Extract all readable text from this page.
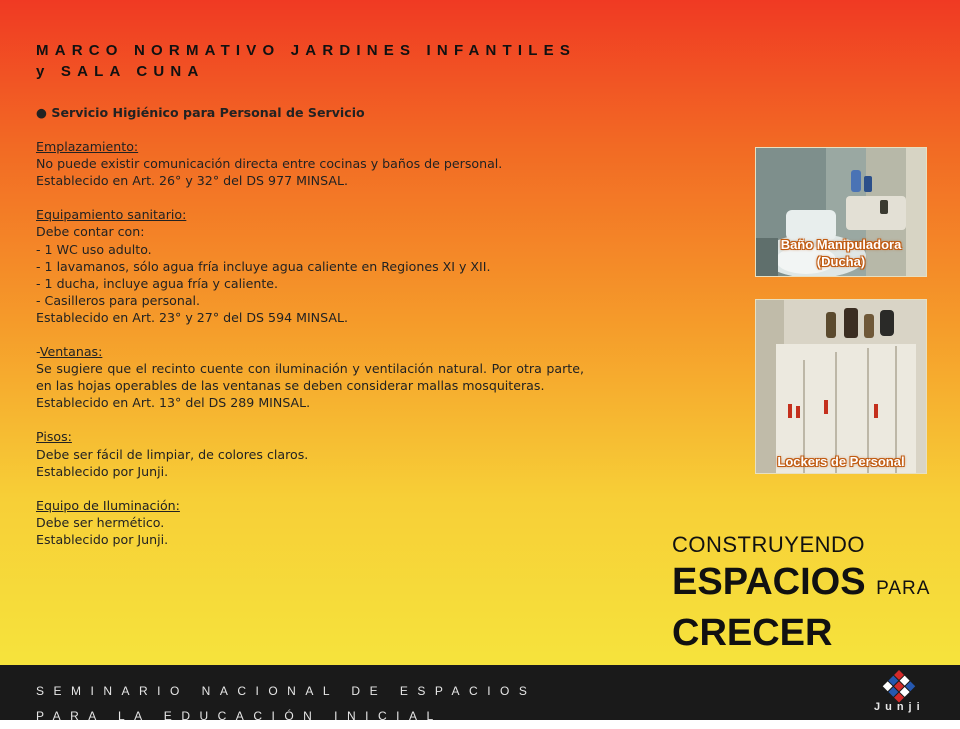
MARCO NORMATIVO JARDINES INFANTILES y SALA CUNA

● Servicio Higiénico para Personal de Servicio

Emplazamiento:

No puede existir comunicación directa entre cocinas y baños de personal.

Establecido en Art. 26° y 32° del DS 977 MINSAL.

Equipamiento sanitario:

Debe contar con:

- 1 WC uso adulto.

- 1 lavamanos, sólo agua fría incluye agua caliente en Regiones XI y XII.

- 1 ducha, incluye agua fría y caliente.

- Casilleros para personal.

Establecido en Art. 23° y 27° del DS 594 MINSAL.

-Ventanas:

Se sugiere que el recinto cuente con iluminación y ventilación natural. Por otra parte, en las hojas operables de las ventanas se deben considerar mallas mosquiteras.

Establecido en Art. 13° del DS 289 MINSAL.

Pisos:

Debe ser fácil de limpiar, de colores claros.

Establecido por Junji.

Equipo de Iluminación:

Debe ser hermético.

Establecido por Junji.

Baño Manipuladora
(Ducha)
Lockers de Personal
CONSTRUYENDO
ESPACIOS PARA
CRECER
SEMINARIO NACIONAL DE ESPACIOS PARA LA EDUCACIÓN INICIAL
Junji
